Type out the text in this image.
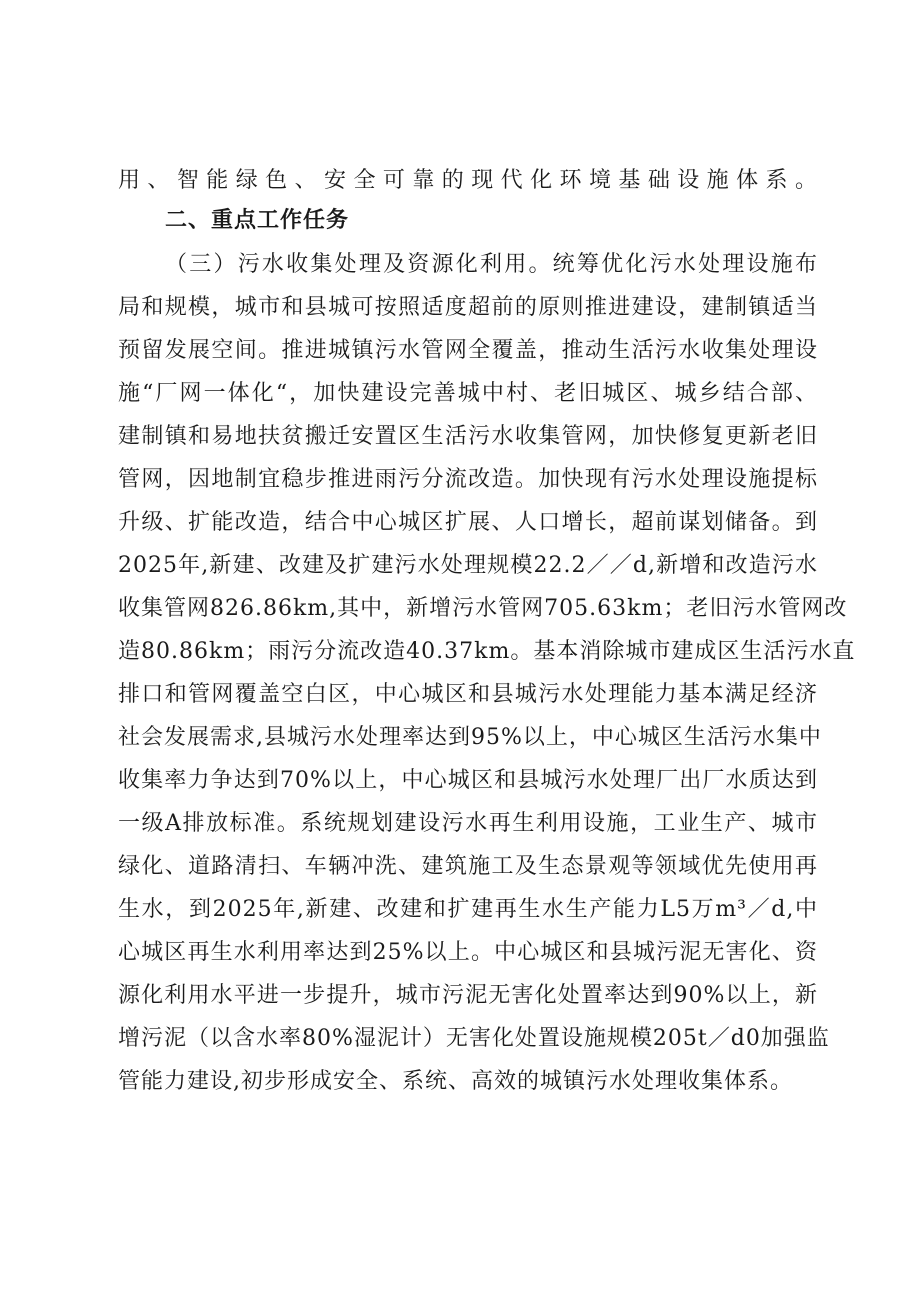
用、智能绿色、安全可靠的现代化环境基础设施体系。
二、重点工作任务
（三）污水收集处理及资源化利用。统筹优化污水处理设施布
局和规模，城市和县城可按照适度超前的原则推进建设，建制镇适当
预留发展空间。推进城镇污水管网全覆盖，推动生活污水收集处理设
施“厂网一体化“，加快建设完善城中村、老旧城区、城乡结合部、
建制镇和易地扶贫搬迁安置区生活污水收集管网，加快修复更新老旧
管网，因地制宜稳步推进雨污分流改造。加快现有污水处理设施提标
升级、扩能改造，结合中心城区扩展、人口增长，超前谋划储备。到
2025年,新建、改建及扩建污水处理规模22.2／／d,新增和改造污水
收集管网826.86km,其中，新增污水管网705.63km；老旧污水管网改
造80.86km；雨污分流改造40.37km。基本消除城市建成区生活污水直
排口和管网覆盖空白区，中心城区和县城污水处理能力基本满足经济
社会发展需求,县城污水处理率达到95%以上，中心城区生活污水集中
收集率力争达到70%以上，中心城区和县城污水处理厂出厂水质达到
一级A排放标准。系统规划建设污水再生利用设施，工业生产、城市
绿化、道路清扫、车辆冲洗、建筑施工及生态景观等领域优先使用再
生水，到2025年,新建、改建和扩建再生水生产能力L5万m³／d,中
心城区再生水利用率达到25%以上。中心城区和县城污泥无害化、资
源化利用水平进一步提升，城市污泥无害化处置率达到90%以上，新
增污泥（以含水率80%湿泥计）无害化处置设施规模205t／d0加强监
管能力建设,初步形成安全、系统、高效的城镇污水处理收集体系。
